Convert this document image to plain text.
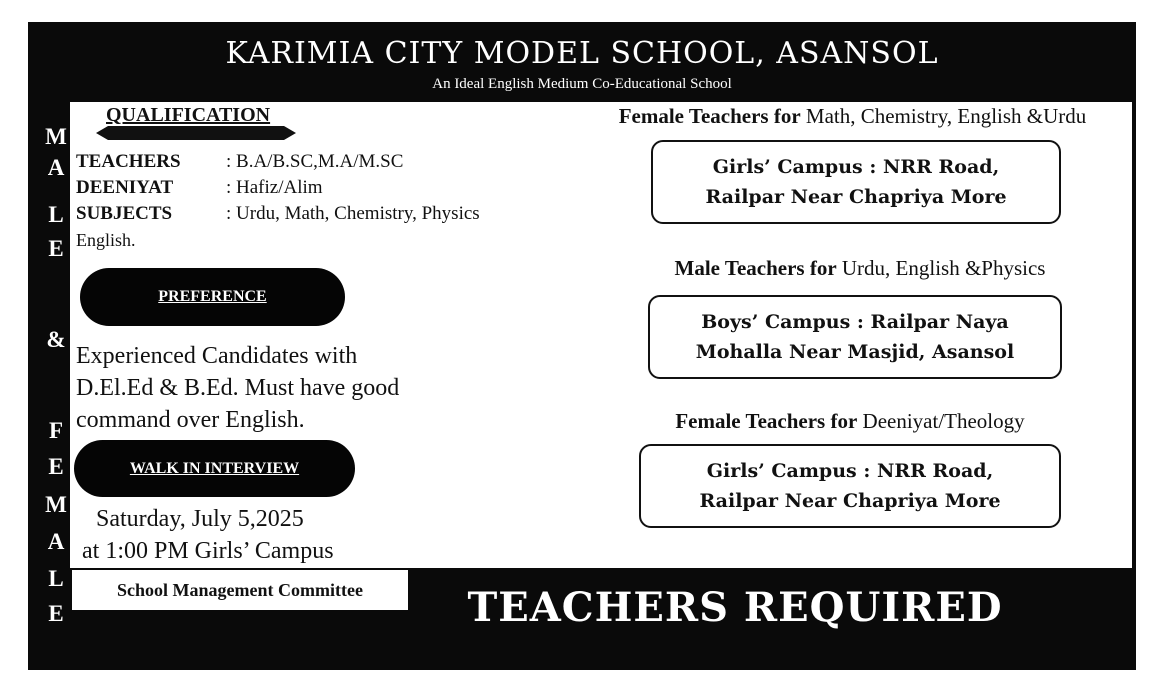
KARIMIA CITY MODEL SCHOOL, ASANSOL
An Ideal English Medium Co-Educational School
M
A
L
E
&
F
E
M
A
L
E
QUALIFICATION
TEACHERS : B.A/B.SC,M.A/M.SC
DEENIYAT	: Hafiz/Alim
SUBJECTS	: Urdu, Math, Chemistry, Physics
English.
PREFERENCE
Experienced Candidates with D.El.Ed & B.Ed. Must have good command over English.
WALK IN INTERVIEW
Saturday, July 5,2025
at 1:00 PM Girls’ Campus
School Management Committee	TEACHERS REQUIRED
Female Teachers for Math, Chemistry, English &Urdu
Girls’ Campus : NRR Road,
Railpar Near Chapriya More
Male Teachers for Urdu, English &Physics
Boys’ Campus : Railpar Naya
Mohalla Near Masjid, Asansol
Female Teachers for Deeniyat/Theology
Girls’ Campus : NRR Road,
Railpar Near Chapriya More
